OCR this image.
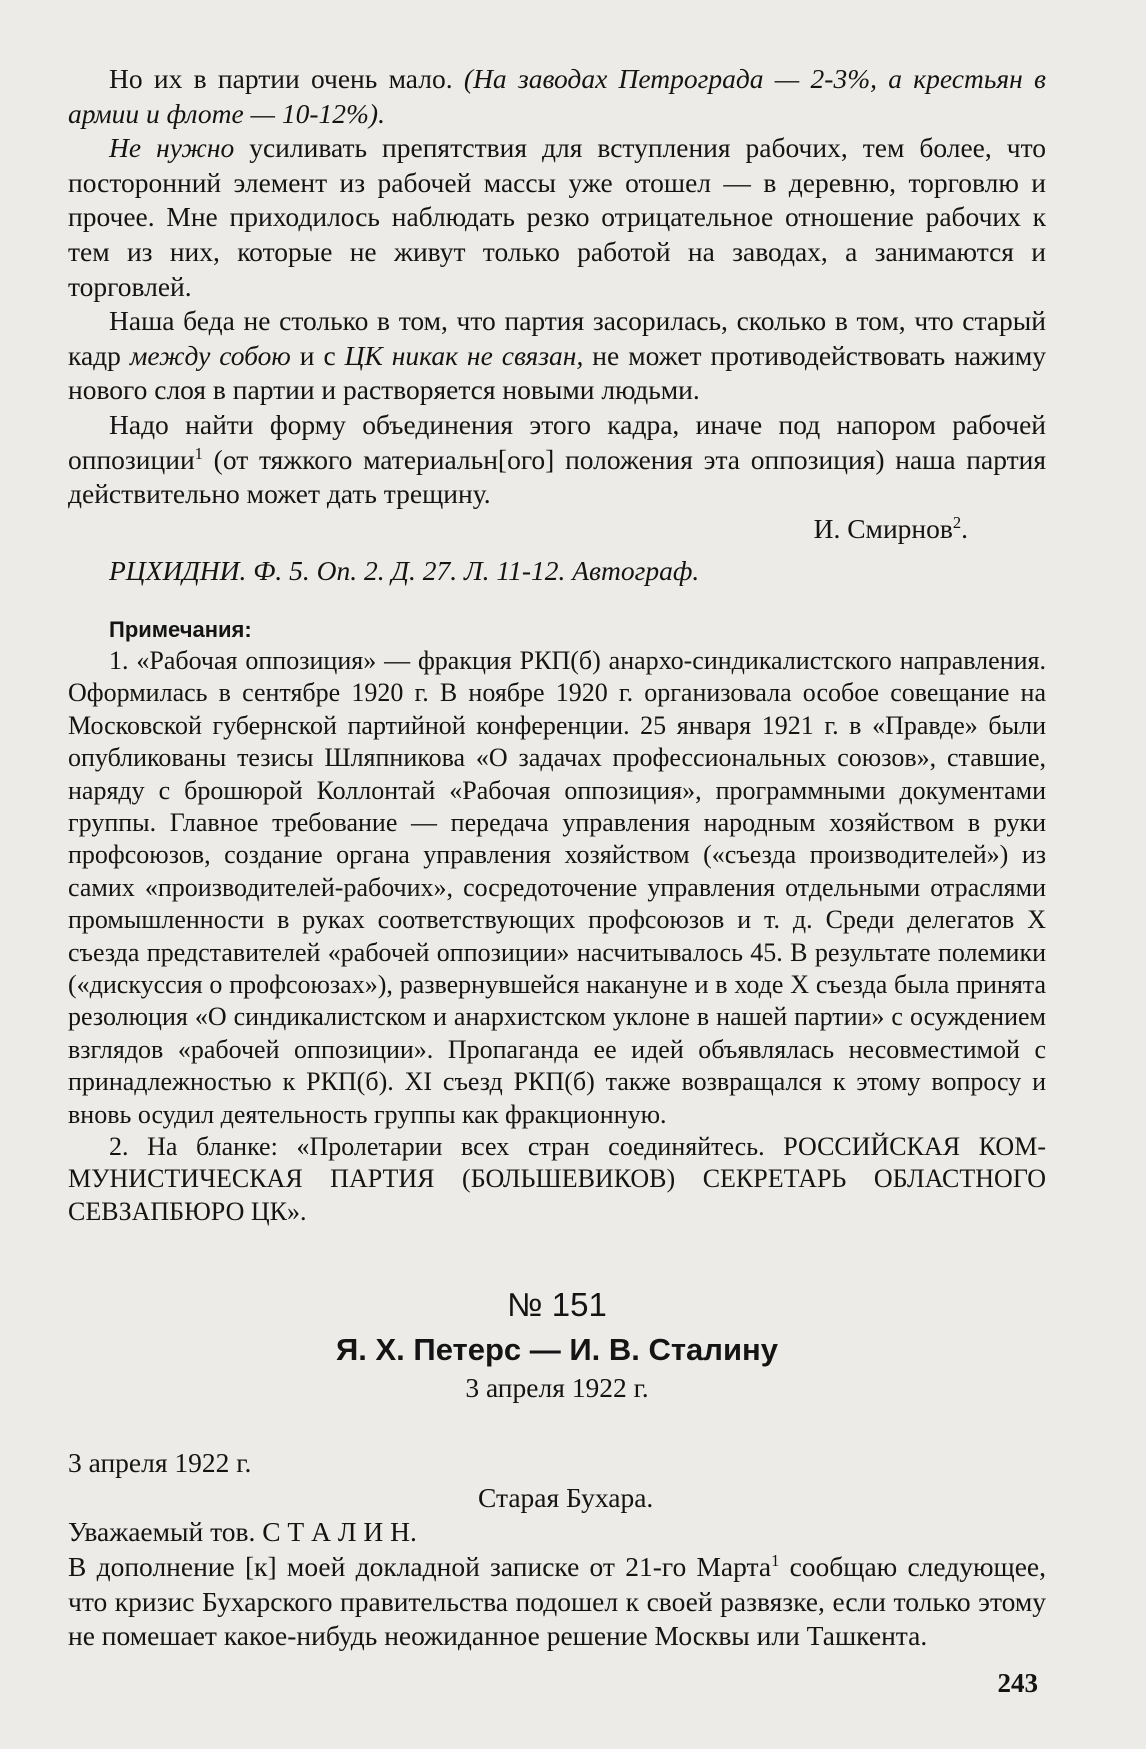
Но их в партии очень мало. (На заводах Петрограда — 2-3%, а крестьян в армии и флоте — 10-12%).

Не нужно усиливать препятствия для вступления рабочих, тем более, что посторонний элемент из рабочей массы уже отошел — в деревню, торговлю и прочее. Мне приходилось наблюдать резко отрицательное отношение рабочих к тем из них, которые не живут только работой на заводах, а занимаются и торговлей.

Наша беда не столько в том, что партия засорилась, сколько в том, что старый кадр между собою и с ЦК никак не связан, не может противодействовать нажиму нового слоя в партии и растворяется новыми людьми.

Надо найти форму объединения этого кадра, иначе под напором рабочей оппозиции$^1$ (от тяжкого материальн[ого] положения эта оппозиция) наша партия действительно может дать трещину.

И. Смирнов$^2$.

РЦХИДНИ. Ф. 5. Оп. 2. Д. 27. Л. 11-12. Автограф.

Примечания:

1. «Рабочая оппозиция» — фракция РКП(б) анархо-синдикалистского направления. Оформилась в сентябре 1920 г. В ноябре 1920 г. организовала особое совещание на Московской губернской партийной конференции. 25 января 1921 г. в «Правде» были опубликованы тезисы Шляпникова «О задачах профессиональных союзов», ставшие, наряду с брошюрой Коллонтай «Рабочая оппозиция», программными документами группы. Главное требование — передача управления народным хозяйством в руки профсоюзов, создание органа управления хозяйством («съезда производителей») из самих «производителей-рабочих», сосредоточение управления отдельными отраслями промышленности в руках соответствующих профсоюзов и т. д. Среди делегатов X съезда представителей «рабочей оппозиции» насчитывалось 45. В результате полемики («дискуссия о профсоюзах»), развернувшейся накануне и в ходе X съезда была принята резолюция «О синдикалистском и анархистском уклоне в нашей партии» с осуждением взглядов «рабочей оппозиции». Пропаганда ее идей объявлялась несовместимой с принадлежностью к РКП(б). XI съезд РКП(б) также возвращался к этому вопросу и вновь осудил деятельность группы как фракционную.

2. На бланке: «Пролетарии всех стран соединяйтесь. РОССИЙСКАЯ КОММУНИСТИЧЕСКАЯ ПАРТИЯ (БОЛЬШЕВИКОВ) СЕКРЕТАРЬ ОБЛАСТНОГО СЕВЗАПБЮРО ЦК».

№ 151
Я. Х. Петерс — И. В. Сталину
3 апреля 1922 г.

3 апреля 1922 г.

Старая Бухара.

Уважаемый тов. С Т А Л И Н.

В дополнение [к] моей докладной записке от 21-го Марта$^1$ сообщаю следующее, что кризис Бухарского правительства подошел к своей развязке, если только этому не помешает какое-нибудь неожиданное решение Москвы или Ташкента.

243
